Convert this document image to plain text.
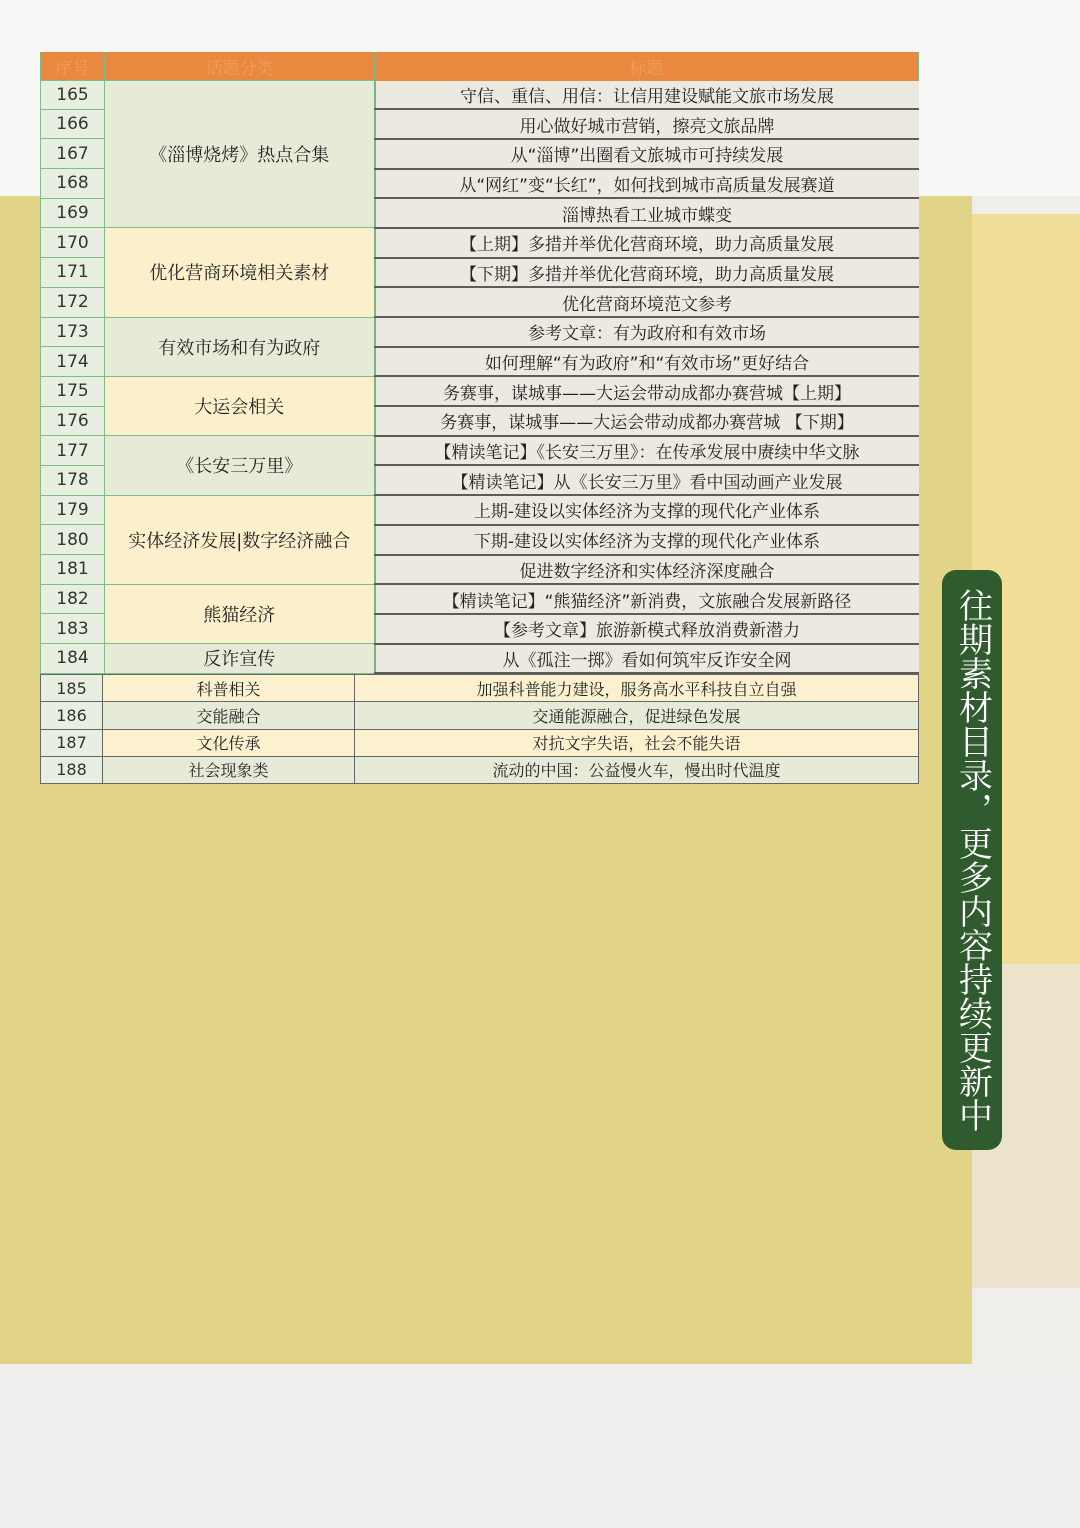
序号	话题分类	标题
165	《淄博烧烤》热点合集	守信、重信、用信：让信用建设赋能文旅市场发展
166		用心做好城市营销，擦亮文旅品牌
167		从“淄博”出圈看文旅城市可持续发展
168		从“网红”变“长红”，如何找到城市高质量发展赛道
169		淄博热看工业城市蝶变
170	优化营商环境相关素材	【上期】多措并举优化营商环境，助力高质量发展
171		【下期】多措并举优化营商环境，助力高质量发展
172		优化营商环境范文参考
173	有效市场和有为政府	参考文章：有为政府和有效市场
174		如何理解“有为政府”和“有效市场”更好结合
175	大运会相关	务赛事，谋城事——大运会带动成都办赛营城【上期】
176		务赛事，谋城事——大运会带动成都办赛营城 【下期】
177	《长安三万里》	【精读笔记】《长安三万里》：在传承发展中赓续中华文脉
178		【精读笔记】从《长安三万里》看中国动画产业发展
179	实体经济发展|数字经济融合	上期-建设以实体经济为支撑的现代化产业体系
180		下期-建设以实体经济为支撑的现代化产业体系
181		促进数字经济和实体经济深度融合
182	熊猫经济	【精读笔记】“熊猫经济”新消费，文旅融合发展新路径
183		【参考文章】旅游新模式释放消费新潜力
184	反诈宣传	从《孤注一掷》看如何筑牢反诈安全网
185	科普相关	加强科普能力建设，服务高水平科技自立自强
186	交能融合	交通能源融合，促进绿色发展
187	文化传承	对抗文字失语，社会不能失语
188	社会现象类	流动的中国：公益慢火车，慢出时代温度	往期素材目录，更多内容持续更新中
